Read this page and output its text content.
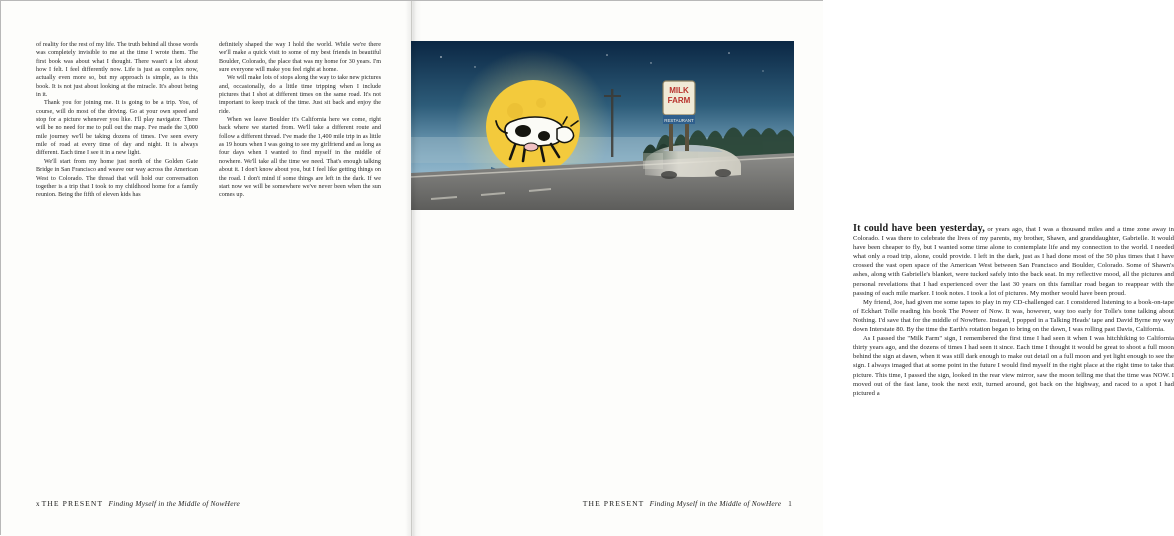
of reality for the rest of my life. The truth behind all those words was completely invisible to me at the time I wrote them. The first book was about what I thought. There wasn't a lot about how I felt. I feel differently now. Life is just as complex now, actually even more so, but my approach is simple, as is this book. It is not just about looking at the miracle. It's about being in it.

Thank you for joining me. It is going to be a trip. You, of course, will do most of the driving. Go at your own speed and stop for a picture whenever you like. I'll play navigator. There will be no need for me to pull out the map. I've made the 3,000 mile journey we'll be taking dozens of times. I've seen every mile of road at every time of day and night. It is always different. Each time I see it in a new light.

We'll start from my home just north of the Golden Gate Bridge in San Francisco and weave our way across the American West to Colorado. The thread that will hold our conversation together is a trip that I took to my childhood home for a family reunion. Being the fifth of eleven kids has

definitely shaped the way I hold the world. While we're there we'll make a quick visit to some of my best friends in beautiful Boulder, Colorado, the place that was my home for 30 years. I'm sure everyone will make you feel right at home.

We will make lots of stops along the way to take new pictures and, occasionally, do a little time tripping when I include pictures that I shot at different times on the same road. It's not important to keep track of the time. Just sit back and enjoy the ride.

When we leave Boulder it's California here we come, right back where we started from. We'll take a different route and follow a different thread. I've made the 1,400 mile trip in as little as 19 hours when I was going to see my girlfriend and as long as four days when I wanted to find myself in the middle of nowhere. We'll take all the time we need. That's enough talking about it. I don't know about you, but I feel like getting things on the road. I don't mind if some things are left in the dark. If we start now we will be somewhere we've never been when the sun comes up.

x THE PRESENT Finding Myself in the Middle of NowHere

It could have been yesterday, or years ago, that I was a thousand miles and a time zone away in Colorado. I was there to celebrate the lives of my parents, my brother, Shawn, and granddaughter, Gabrielle. It would have been cheaper to fly, but I wanted some time alone to contemplate life and my connection to the world. I needed what only a road trip, alone, could provide. I left in the dark, just as I had done most of the 50 plus times that I have crossed the vast open space of the American West between San Francisco and Boulder, Colorado. Some of Shawn's ashes, along with Gabrielle's blanket, were tucked safely into the back seat. In my reflective mood, all the pictures and personal revelations that I had experienced over the last 30 years on this familiar road began to reappear with the passing of each mile marker. I took notes. I took a lot of pictures. My mother would have been proud.

My friend, Joe, had given me some tapes to play in my CD-challenged car. I considered listening to a book-on-tape of Eckhart Tolle reading his book The Power of Now. It was, however, way too early for Tolle's tone talking about Nothing. I'd save that for the middle of NowHere. Instead, I popped in a Talking Heads' tape and David Byrne my way down Interstate 80. By the time the Earth's rotation began to bring on the dawn, I was rolling past Davis, California.

As I passed the "Milk Farm" sign, I remembered the first time I had seen it when I was hitchhiking to California thirty years ago, and the dozens of times I had seen it since. Each time I thought it would be great to shoot a full moon behind the sign at dawn, when it was still dark enough to make out detail on a full moon and yet light enough to see the sign. I always imaged that at some point in the future I would find myself in the right place at the right time to take that picture. This time, I passed the sign, looked in the rear view mirror, saw the moon telling me that the time was NOW. I moved out of the fast lane, took the next exit, turned around, got back on the highway, and raced to a spot I had pictured a

THE PRESENT Finding Myself in the Middle of NowHere 1
MILK
FARM
RESTAURANT
